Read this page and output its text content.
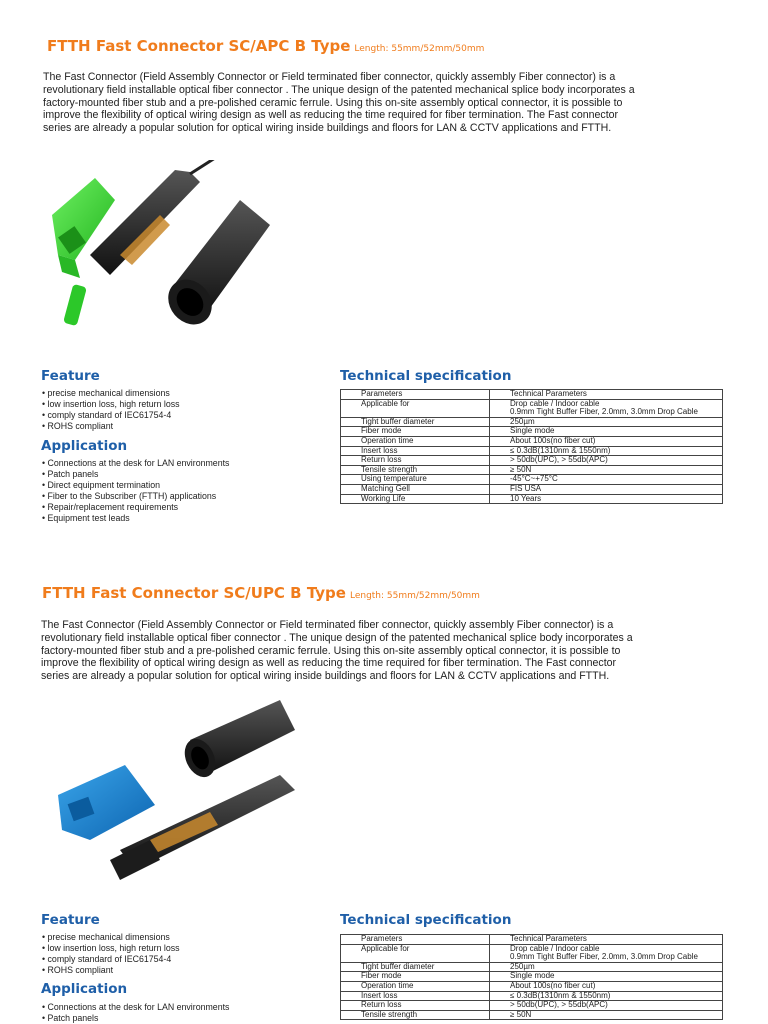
FTTH Fast Connector SC/APC B Type Length: 55mm/52mm/50mm
The Fast Connector (Field Assembly Connector or Field terminated fiber connector, quickly assembly Fiber connector) is a
revolutionary field installable optical fiber connector . The unique design of the patented mechanical splice body incorporates a
factory-mounted fiber stub and a pre-polished ceramic ferrule. Using this on-site assembly optical connector, it is possible to
improve the flexibility of optical wiring design as well as reducing the time required for fiber termination. The Fast connector
series are already a popular solution for optical wiring inside buildings and floors for LAN & CCTV applications and FTTH.
Feature
• precise mechanical dimensions
• low insertion loss, high return loss
• comply standard of IEC61754-4
• ROHS compliant
Application
• Connections at the desk for LAN environments
• Patch panels
• Direct equipment termination
• Fiber to the Subscriber (FTTH) applications
• Repair/replacement requirements
• Equipment test leads
Technical specification
Parameters	Technical Parameters
Applicable for	Drop cable / Indoor cable
0.9mm Tight Buffer Fiber, 2.0mm, 3.0mm Drop Cable
Tight buffer diameter	250µm
Fiber mode	Single mode
Operation time	About 100s(no fiber cut)
Insert loss	≤ 0.3dB(1310nm & 1550nm)
Return loss	> 50db(UPC), > 55db(APC)
Tensile strength	≥ 50N
Using temperature	-45°C~+75°C
Matching Gell	FIS USA
Working Life	10 Years
FTTH Fast Connector SC/UPC B Type Length: 55mm/52mm/50mm
The Fast Connector (Field Assembly Connector or Field terminated fiber connector, quickly assembly Fiber connector) is a
revolutionary field installable optical fiber connector . The unique design of the patented mechanical splice body incorporates a
factory-mounted fiber stub and a pre-polished ceramic ferrule. Using this on-site assembly optical connector, it is possible to
improve the flexibility of optical wiring design as well as reducing the time required for fiber termination. The Fast connector
series are already a popular solution for optical wiring inside buildings and floors for LAN & CCTV applications and FTTH.
Feature
• precise mechanical dimensions
• low insertion loss, high return loss
• comply standard of IEC61754-4
• ROHS compliant
Application
• Connections at the desk for LAN environments
• Patch panels
Technical specification
Parameters	Technical Parameters
Applicable for	Drop cable / Indoor cable
0.9mm Tight Buffer Fiber, 2.0mm, 3.0mm Drop Cable
Tight buffer diameter	250µm
Fiber mode	Single mode
Operation time	About 100s(no fiber cut)
Insert loss	≤ 0.3dB(1310nm & 1550nm)
Return loss	> 50db(UPC), > 55db(APC)
Tensile strength	≥ 50N
